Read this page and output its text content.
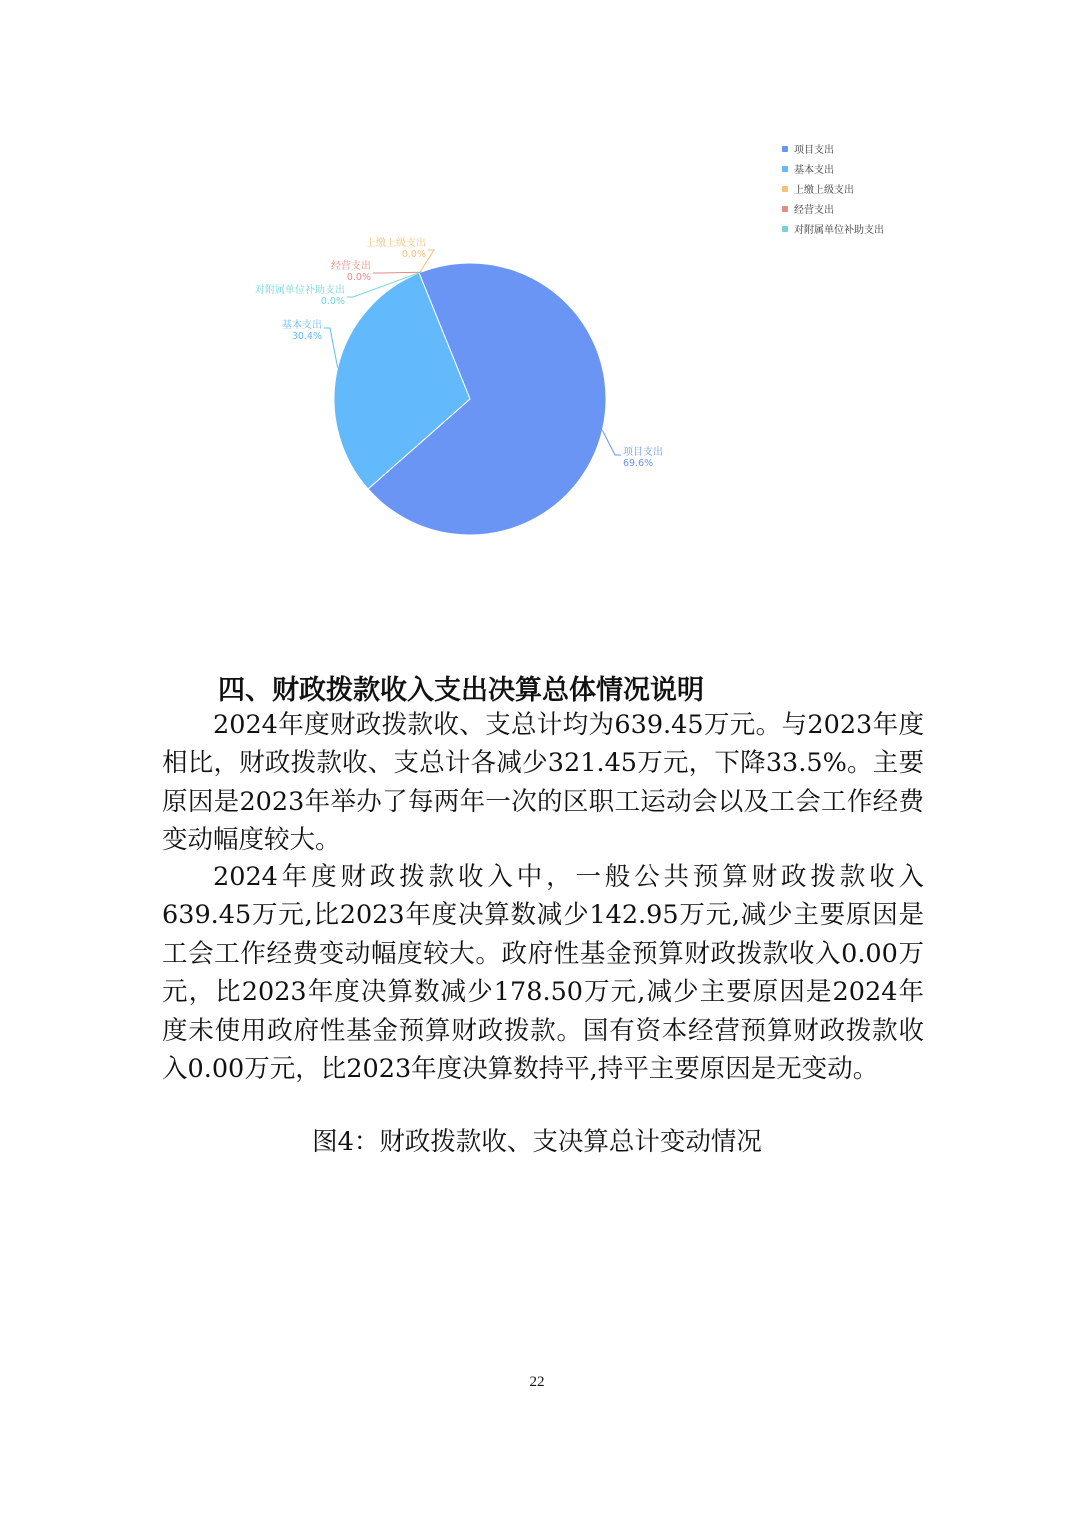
项目支出
69.6%
基本支出
30.4%
上缴上级支出
0.0%
经营支出
0.0%
对附属单位补助支出
0.0%
项目支出
基本支出
上缴上级支出
经营支出
对附属单位补助支出
四、财政拨款收入支出决算总体情况说明

2024年度财政拨款收、支总计均为639.45万元。与2023年度相比，财政拨款收、支总计各减少321.45万元，下降33.5%。主要原因是2023年举办了每两年一次的区职工运动会以及工会工作经费变动幅度较大。

2024年度财政拨款收入中，一般公共预算财政拨款收入639.45万元,比2023年度决算数减少142.95万元,减少主要原因是工会工作经费变动幅度较大。政府性基金预算财政拨款收入0.00万元，比2023年度决算数减少178.50万元,减少主要原因是2024年度未使用政府性基金预算财政拨款。国有资本经营预算财政拨款收入0.00万元，比2023年度决算数持平,持平主要原因是无变动。

图4：财政拨款收、支决算总计变动情况

22
